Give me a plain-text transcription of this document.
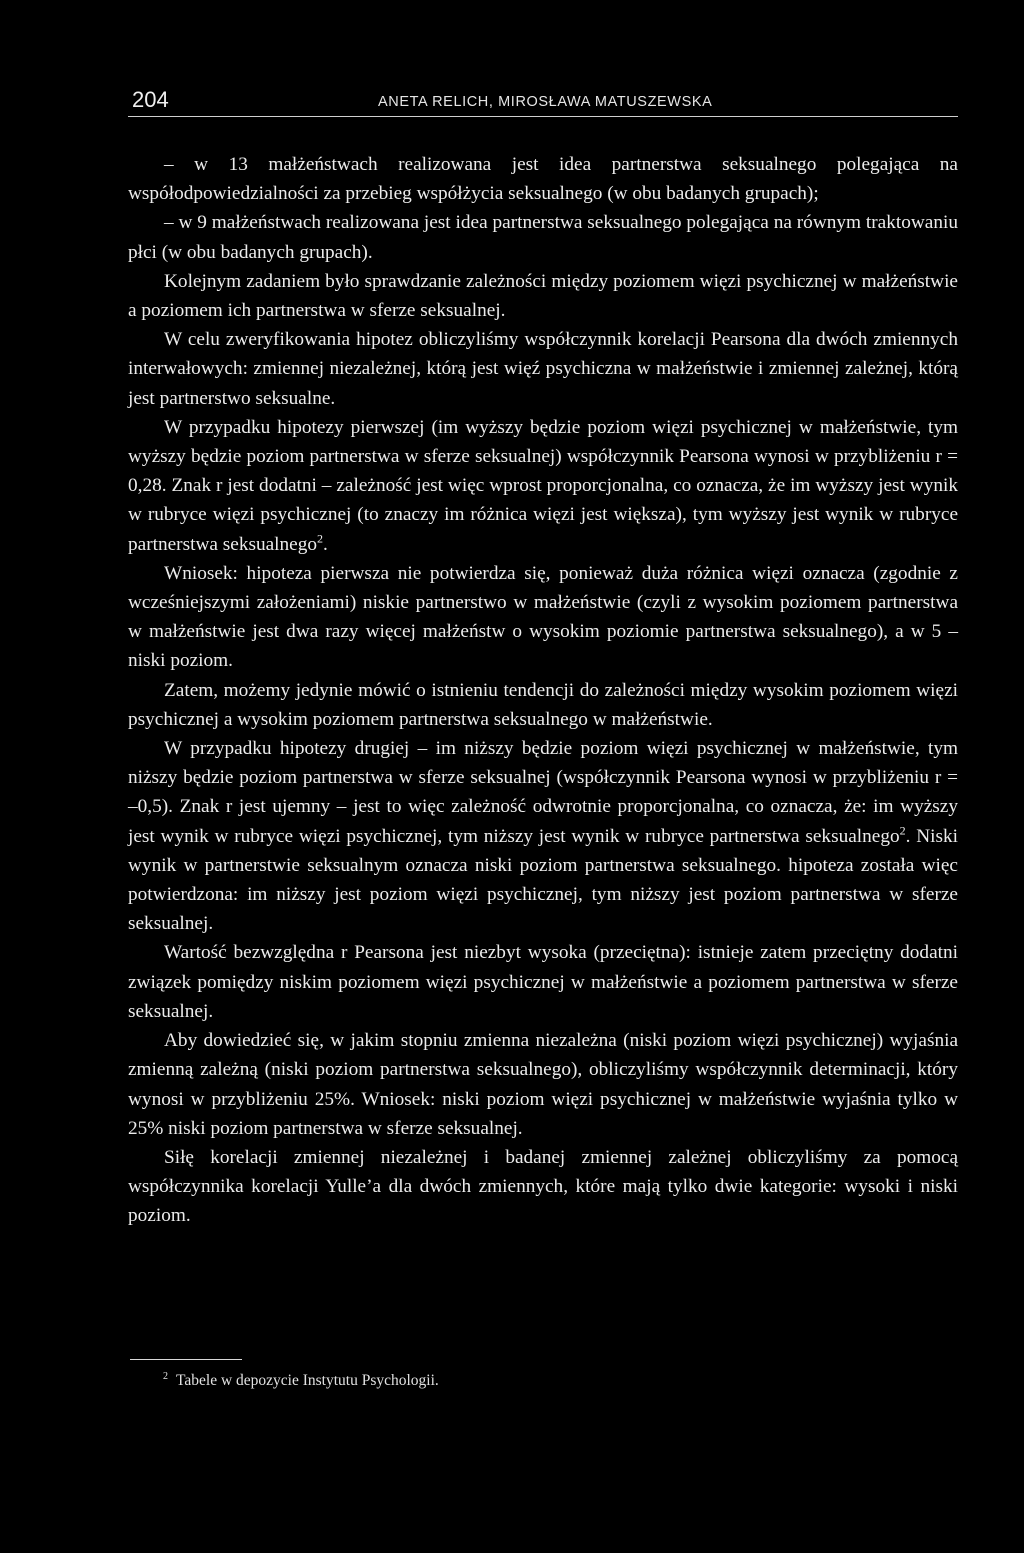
204	ANETA RELICH, MIROSŁAWA MATUSZEWSKA

– w 13 małżeństwach realizowana jest idea partnerstwa seksualnego polegająca na współodpowiedzialności za przebieg współżycia seksualnego (w obu badanych grupach);

– w 9 małżeństwach realizowana jest idea partnerstwa seksualnego polegająca na równym traktowaniu płci (w obu badanych grupach).

Kolejnym zadaniem było sprawdzanie zależności między poziomem więzi psychicznej w małżeństwie a poziomem ich partnerstwa w sferze seksualnej.

W celu zweryfikowania hipotez obliczyliśmy współczynnik korelacji Pearsona dla dwóch zmiennych interwałowych: zmiennej niezależnej, którą jest więź psychiczna w małżeństwie i zmiennej zależnej, którą jest partnerstwo seksualne.

W przypadku hipotezy pierwszej (im wyższy będzie poziom więzi psychicznej w małżeństwie, tym wyższy będzie poziom partnerstwa w sferze seksualnej) współczynnik Pearsona wynosi w przybliżeniu r = 0,28. Znak r jest dodatni – zależność jest więc wprost proporcjonalna, co oznacza, że im wyższy jest wynik w rubryce więzi psychicznej (to znaczy im różnica więzi jest większa), tym wyższy jest wynik w rubryce partnerstwa seksualnego$^2$.

Wniosek: hipoteza pierwsza nie potwierdza się, ponieważ duża różnica więzi oznacza (zgodnie z wcześniejszymi założeniami) niskie partnerstwo w małżeństwie (czyli z wysokim poziomem partnerstwa w małżeństwie jest dwa razy więcej małżeństw o wysokim poziomie partnerstwa seksualnego), a w 5 – niski poziom.

Zatem, możemy jedynie mówić o istnieniu tendencji do zależności między wysokim poziomem więzi psychicznej a wysokim poziomem partnerstwa seksualnego w małżeństwie.

W przypadku hipotezy drugiej – im niższy będzie poziom więzi psychicznej w małżeństwie, tym niższy będzie poziom partnerstwa w sferze seksualnej (współczynnik Pearsona wynosi w przybliżeniu r = –0,5). Znak r jest ujemny – jest to więc zależność odwrotnie proporcjonalna, co oznacza, że: im wyższy jest wynik w rubryce więzi psychicznej, tym niższy jest wynik w rubryce partnerstwa seksualnego$^2$. Niski wynik w partnerstwie seksualnym oznacza niski poziom partnerstwa seksualnego. hipoteza została więc potwierdzona: im niższy jest poziom więzi psychicznej, tym niższy jest poziom partnerstwa w sferze seksualnej.

Wartość bezwzględna r Pearsona jest niezbyt wysoka (przeciętna): istnieje zatem przeciętny dodatni związek pomiędzy niskim poziomem więzi psychicznej w małżeństwie a poziomem partnerstwa w sferze seksualnej.

Aby dowiedzieć się, w jakim stopniu zmienna niezależna (niski poziom więzi psychicznej) wyjaśnia zmienną zależną (niski poziom partnerstwa seksualnego), obliczyliśmy współczynnik determinacji, który wynosi w przybliżeniu 25%. Wniosek: niski poziom więzi psychicznej w małżeństwie wyjaśnia tylko w 25% niski poziom partnerstwa w sferze seksualnej.

Siłę korelacji zmiennej niezależnej i badanej zmiennej zależnej obliczyliśmy za pomocą współczynnika korelacji Yulle’a dla dwóch zmiennych, które mają tylko dwie kategorie: wysoki i niski poziom.

$^2$ Tabele w depozycie Instytutu Psychologii.
